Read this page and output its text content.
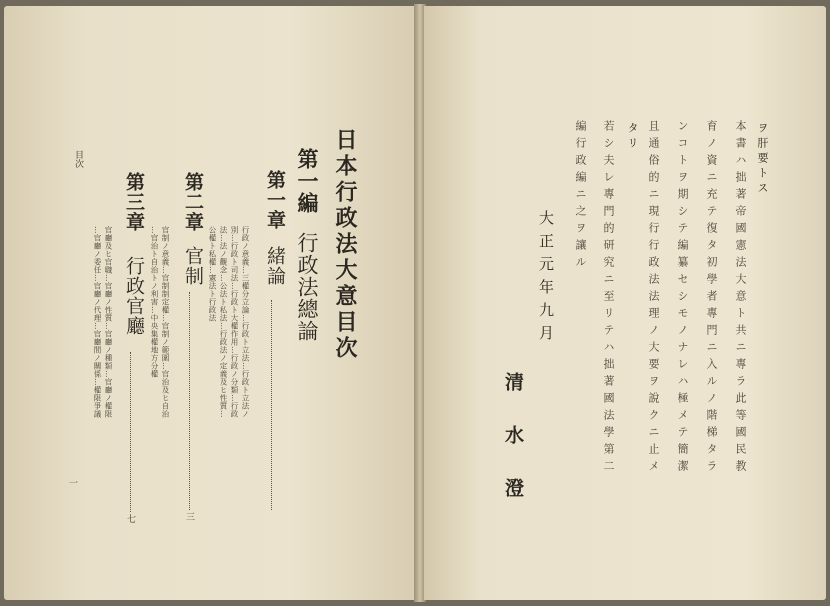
目次
一
日本行政法大意目次
第一編
行政法總論
第一章
緒論
行政ノ意義…三權分立論…行政ト立法…行政ト立法ノ
別…行政ト司法…行政ト大權作用…行政ノ分類…行政
法…法ノ觀念…公法ト私法…行政法ノ定義及ヒ性質…
公權ト私權…憲法ト行政法
第二章
官制
三
官制ノ意義…官制制定權…官制ノ範圍…官治及ヒ自治
…官治ト自治トノ利害…中央集權地方分權
第三章
行政官廳
七
官廳及ヒ官職…官廳ノ性質…官廳ノ種類…官廳ノ權限
…官廳ノ委任…官廳ノ代理…官廳間ノ關係…權限爭議
ヲ肝要トス
本書ハ拙著帝國憲法大意ト共ニ專ラ此等國民教
育ノ資ニ充テ復タ初學者專門ニ入ルノ階梯タラ
ンコトヲ期シテ編纂セシモノナレハ極メテ簡潔
且通俗的ニ現行行政法法理ノ大要ヲ說クニ止メ
タリ
若シ夫レ專門的研究ニ至リテハ拙著國法學第二
編行政編ニ之ヲ讓ル
大正元年九月
清水澄
